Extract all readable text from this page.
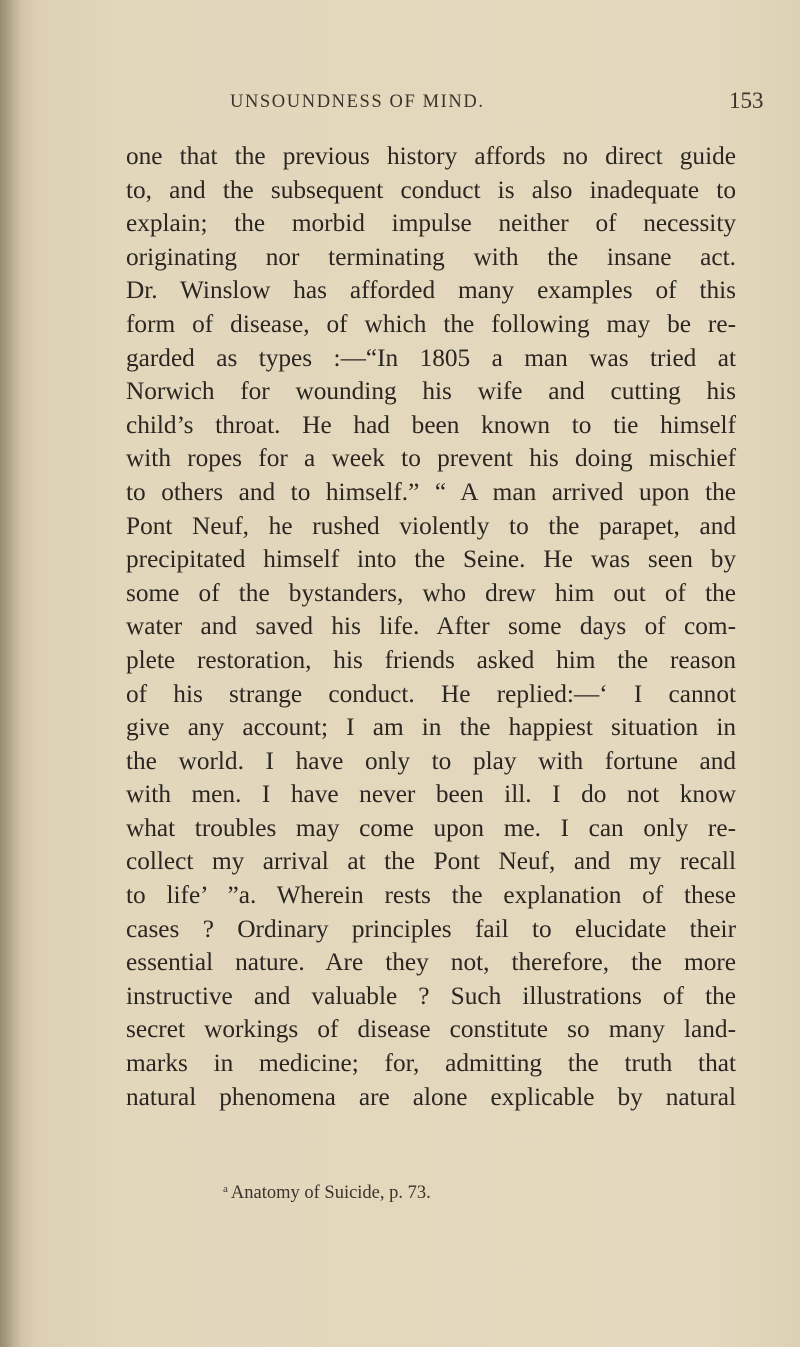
UNSOUNDNESS OF MIND.	153
one that the previous history affords no direct guide
to, and the subsequent conduct is also inadequate to
explain; the morbid impulse neither of necessity
originating nor terminating with the insane act.
Dr. Winslow has afforded many examples of this
form of disease, of which the following may be re-
garded as types :—“In 1805 a man was tried at
Norwich for wounding his wife and cutting his
child’s throat. He had been known to tie himself
with ropes for a week to prevent his doing mischief
to others and to himself.” “ A man arrived upon the
Pont Neuf, he rushed violently to the parapet, and
precipitated himself into the Seine. He was seen by
some of the bystanders, who drew him out of the
water and saved his life. After some days of com-
plete restoration, his friends asked him the reason
of his strange conduct. He replied:—‘ I cannot
give any account; I am in the happiest situation in
the world. I have only to play with fortune and
with men. I have never been ill. I do not know
what troubles may come upon me. I can only re-
collect my arrival at the Pont Neuf, and my recall
to life’ ”a. Wherein rests the explanation of these
cases ? Ordinary principles fail to elucidate their
essential nature. Are they not, therefore, the more
instructive and valuable ? Such illustrations of the
secret workings of disease constitute so many land-
marks in medicine; for, admitting the truth that
natural phenomena are alone explicable by natural
$^a$ Anatomy of Suicide, p. 73.
